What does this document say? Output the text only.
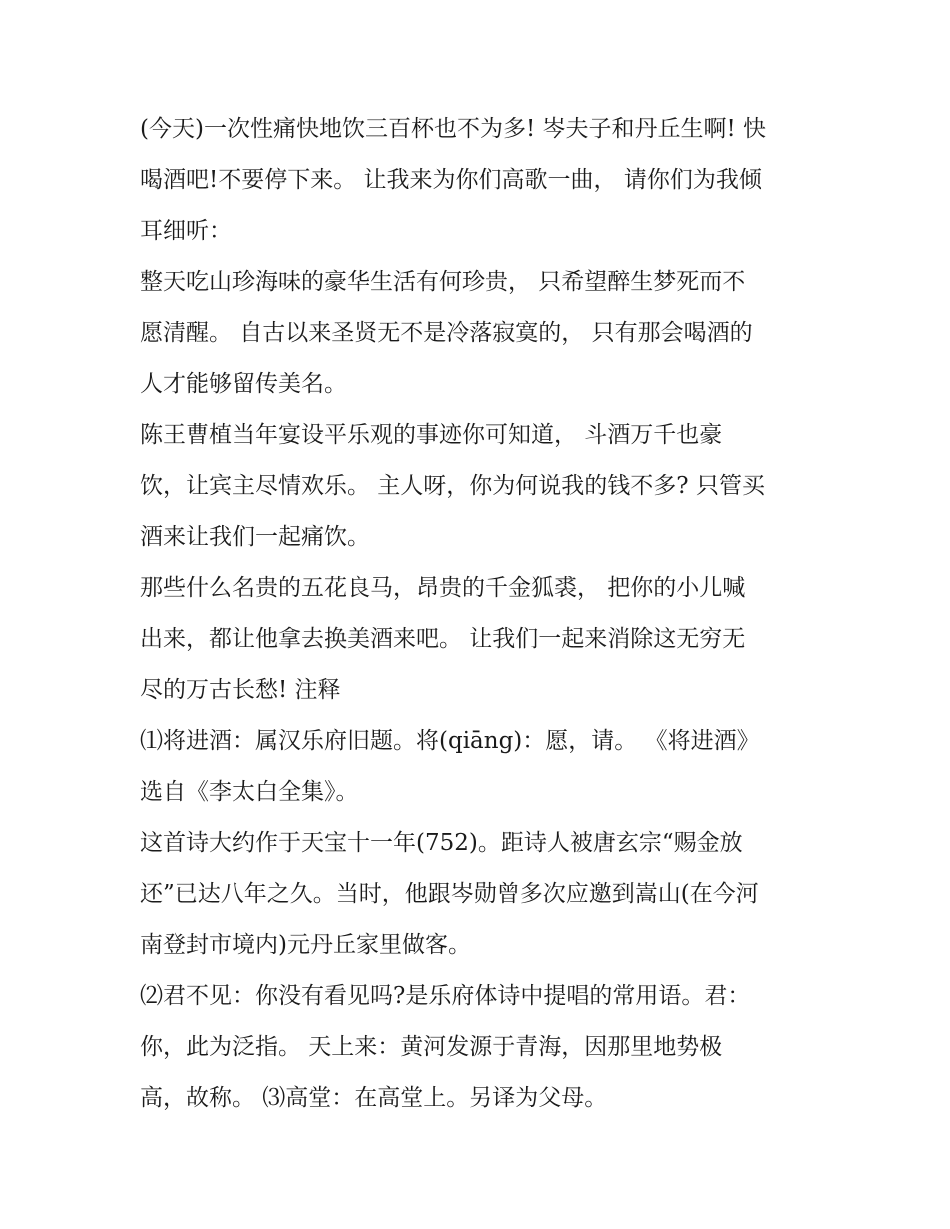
(今天)一次性痛快地饮三百杯也不为多! 岑夫子和丹丘生啊! 快
喝酒吧!不要停下来。 让我来为你们高歌一曲， 请你们为我倾
耳细听：
整天吃山珍海味的豪华生活有何珍贵， 只希望醉生梦死而不
愿清醒。 自古以来圣贤无不是冷落寂寞的， 只有那会喝酒的
人才能够留传美名。
陈王曹植当年宴设平乐观的事迹你可知道， 斗酒万千也豪
饮，让宾主尽情欢乐。 主人呀，你为何说我的钱不多? 只管买
酒来让我们一起痛饮。
那些什么名贵的五花良马，昂贵的千金狐裘， 把你的小儿喊
出来，都让他拿去换美酒来吧。 让我们一起来消除这无穷无
尽的万古长愁! 注释
⑴将进酒：属汉乐府旧题。将(qiāng)：愿，请。 《将进酒》
选自《李太白全集》。
这首诗大约作于天宝十一年(752)。距诗人被唐玄宗“赐金放
还”已达八年之久。当时，他跟岑勋曾多次应邀到嵩山(在今河
南登封市境内)元丹丘家里做客。
⑵君不见：你没有看见吗?是乐府体诗中提唱的常用语。君：
你，此为泛指。 天上来：黄河发源于青海，因那里地势极
高，故称。 ⑶高堂：在高堂上。另译为父母。
